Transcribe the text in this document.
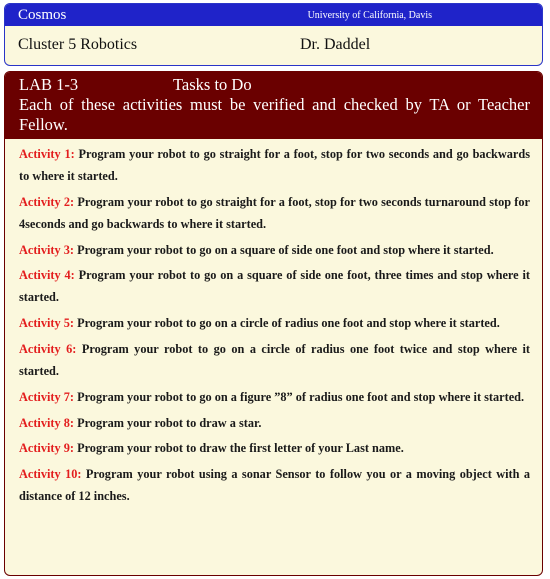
Cosmos	University of California, Davis
Cluster 5 Robotics	Dr. Daddel
LAB 1-3	Tasks to Do
Each of these activities must be verified and checked by TA or Teacher Fellow.

Activity 1: Program your robot to go straight for a foot, stop for two seconds and go backwards to where it started.

Activity 2: Program your robot to go straight for a foot, stop for two seconds turnaround stop for 4seconds and go backwards to where it started.

Activity 3: Program your robot to go on a square of side one foot and stop where it started.

Activity 4: Program your robot to go on a square of side one foot, three times and stop where it started.

Activity 5: Program your robot to go on a circle of radius one foot and stop where it started.

Activity 6: Program your robot to go on a circle of radius one foot twice and stop where it started.

Activity 7: Program your robot to go on a figure ”8” of radius one foot and stop where it started.

Activity 8: Program your robot to draw a star.

Activity 9: Program your robot to draw the first letter of your Last name.

Activity 10: Program your robot using a sonar Sensor to follow you or a moving object with a distance of 12 inches.
